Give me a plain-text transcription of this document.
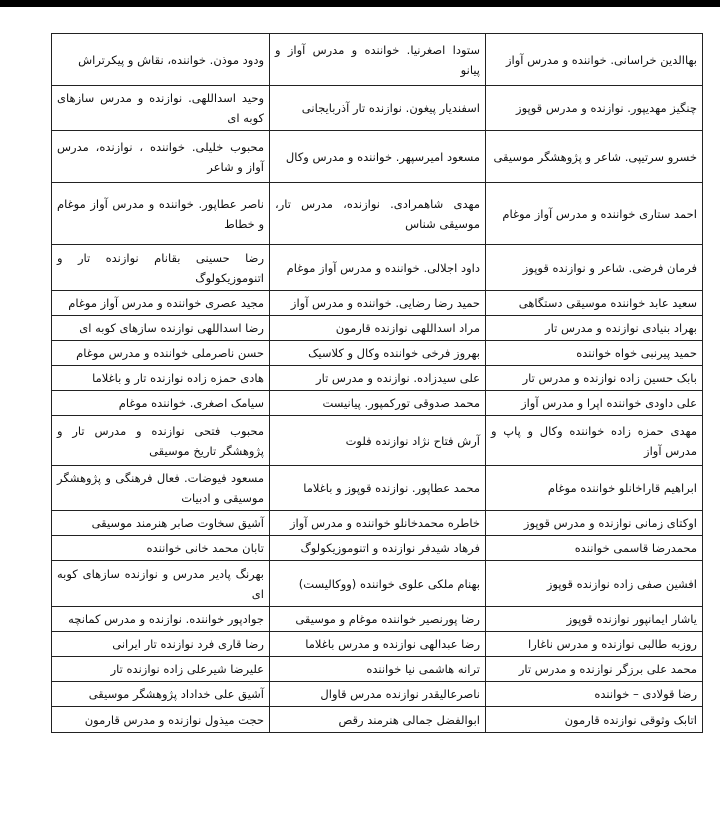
بهاالدین خراسانی. خواننده و مدرس آواز	ستودا اصغرنیا. خواننده و مدرس آواز و پیانو	ودود موذن. خواننده، نقاش و پیکرتراش
چنگیز مهدیپور. نوازنده و مدرس قوپوز	اسفندیار پیغون. نوازنده تار آذربایجانی	وحید اسداللهی. نوازنده و مدرس سازهای کوبه ای
خسرو سرتیپی. شاعر و پژوهشگر موسیقی	مسعود امیرسپهر. خواننده و مدرس وکال	محبوب خلیلی. خواننده ، نوازنده، مدرس آواز و شاعر
احمد ستاری خواننده و مدرس آواز موغام	مهدی شاهمرادی. نوازنده، مدرس تار، موسیقی شناس	ناصر عطاپور. خواننده و مدرس آواز موغام و خطاط
فرمان فرضی. شاعر و نوازنده قوپوز	داود اجلالی. خواننده و مدرس آواز موغام	رضا حسینی بقانام نوازنده تار و اتنوموزیکولوگ
سعید عابد خواننده موسیقی دستگاهی	حمید رضا رضایی. خواننده و مدرس آواز	مجید عصری خواننده و مدرس آواز موغام
بهراد بنیادی نوازنده و مدرس تار	مراد اسداللهی نوازنده قارمون	رضا اسداللهی نوازنده سازهای کوبه ای
حمید پیرنبی خواه خواننده	بهروز فرخی خواننده وکال و کلاسیک	حسن ناصرملی خواننده و مدرس موغام
بابک حسین زاده نوازنده و مدرس تار	علی سیدزاده. نوازنده و مدرس تار	هادی حمزه زاده نوازنده تار و باغلاما
علی داودی خواننده اپرا و مدرس آواز	محمد صدوقی تورکمپور. پیانیست	سیامک اصغری. خواننده موغام
مهدی حمزه زاده خواننده وکال و پاپ و مدرس آواز	آرش فتاح نژاد نوازنده فلوت	محبوب فتحی نوازنده و مدرس تار و پژوهشگر تاریخ موسیقی
ابراهیم قاراخانلو خواننده موغام	محمد عطاپور. نوازنده قوپوز و باغلاما	مسعود فیوضات. فعال فرهنگی و پژوهشگر موسیقی و ادبیات
اوکتای زمانی نوازنده و مدرس قوپوز	خاطره محمدخانلو خواننده و مدرس آواز	آشیق سخاوت صابر هنرمند موسیقی
محمدرضا قاسمی خواننده	فرهاد شیدفر نوازنده و اتنوموزیکولوگ	تابان محمد خانی خواننده
افشین صفی زاده نوازنده قوپوز	بهنام ملکی علوی خواننده (ووکالیست)	بهرنگ پادیر مدرس و نوازنده سازهای کوبه ای
یاشار ایمانپور نوازنده قوپوز	رضا پورنصیر خواننده موغام و موسیقی	جوادپور خواننده. نوازنده و مدرس کمانچه
روزبه طالبی نوازنده و مدرس ناغارا	رضا عبدالهی نوازنده و مدرس باغلاما	رضا قاری فرد نوازنده تار ایرانی
محمد علی برزگر نوازنده و مدرس تار	ترانه هاشمی نیا خواننده	علیرضا شیرعلی زاده نوازنده تار
رضا قولادی – خواننده	ناصرعالیقدر نوازنده مدرس قاوال	آشیق علی خداداد پژوهشگر موسیقی
اتابک وثوقی نوازنده قارمون	ابوالفضل جمالی هنرمند رقص	حجت میذول نوازنده و مدرس قارمون
